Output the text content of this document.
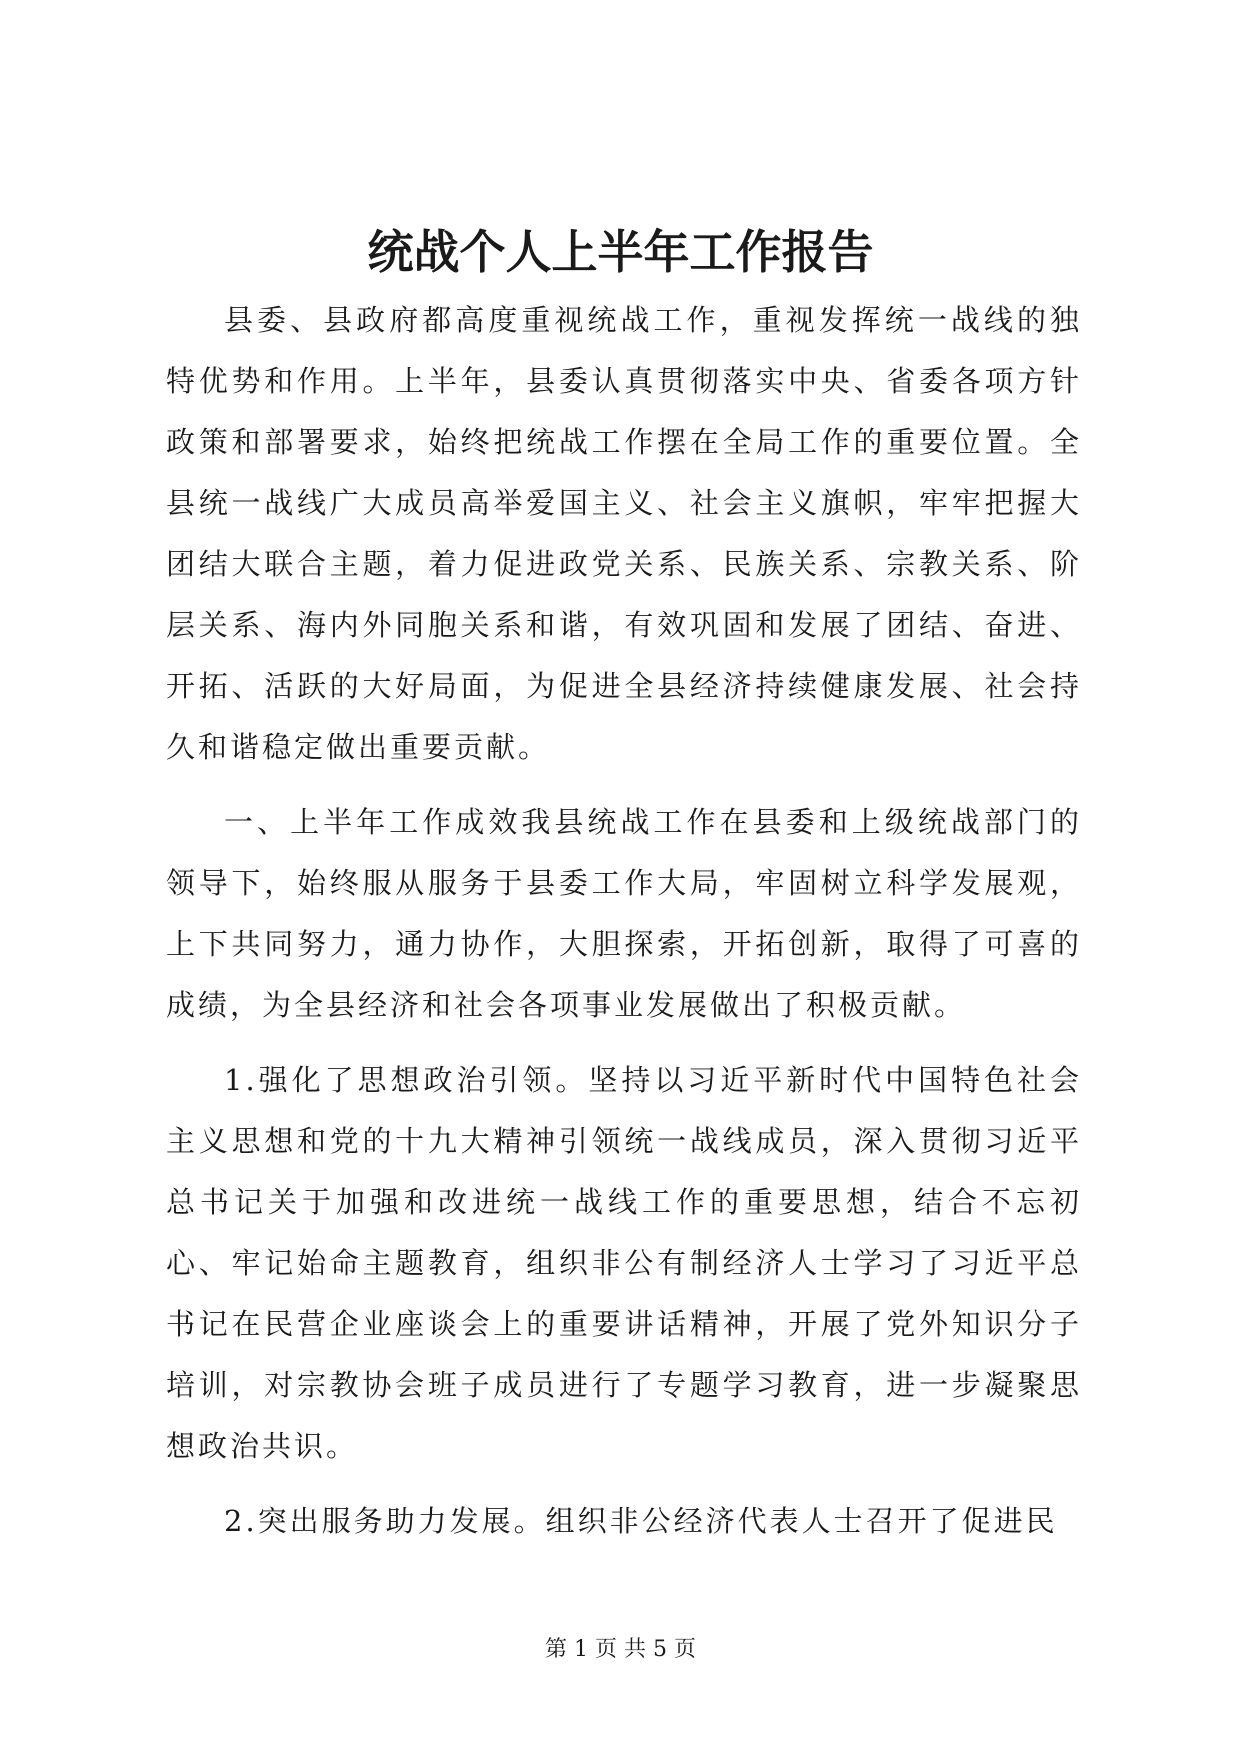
统战个人上半年工作报告

县委、县政府都高度重视统战工作，重视发挥统一战线的独特优势和作用。上半年，县委认真贯彻落实中央、省委各项方针政策和部署要求，始终把统战工作摆在全局工作的重要位置。全县统一战线广大成员高举爱国主义、社会主义旗帜，牢牢把握大团结大联合主题，着力促进政党关系、民族关系、宗教关系、阶层关系、海内外同胞关系和谐，有效巩固和发展了团结、奋进、开拓、活跃的大好局面，为促进全县经济持续健康发展、社会持久和谐稳定做出重要贡献。

一、上半年工作成效我县统战工作在县委和上级统战部门的领导下，始终服从服务于县委工作大局，牢固树立科学发展观，上下共同努力，通力协作，大胆探索，开拓创新，取得了可喜的成绩，为全县经济和社会各项事业发展做出了积极贡献。

1.强化了思想政治引领。坚持以习近平新时代中国特色社会主义思想和党的十九大精神引领统一战线成员，深入贯彻习近平总书记关于加强和改进统一战线工作的重要思想，结合不忘初心、牢记始命主题教育，组织非公有制经济人士学习了习近平总书记在民营企业座谈会上的重要讲话精神，开展了党外知识分子培训，对宗教协会班子成员进行了专题学习教育，进一步凝聚思想政治共识。

2.突出服务助力发展。组织非公经济代表人士召开了促进民

第 1 页 共 5 页
